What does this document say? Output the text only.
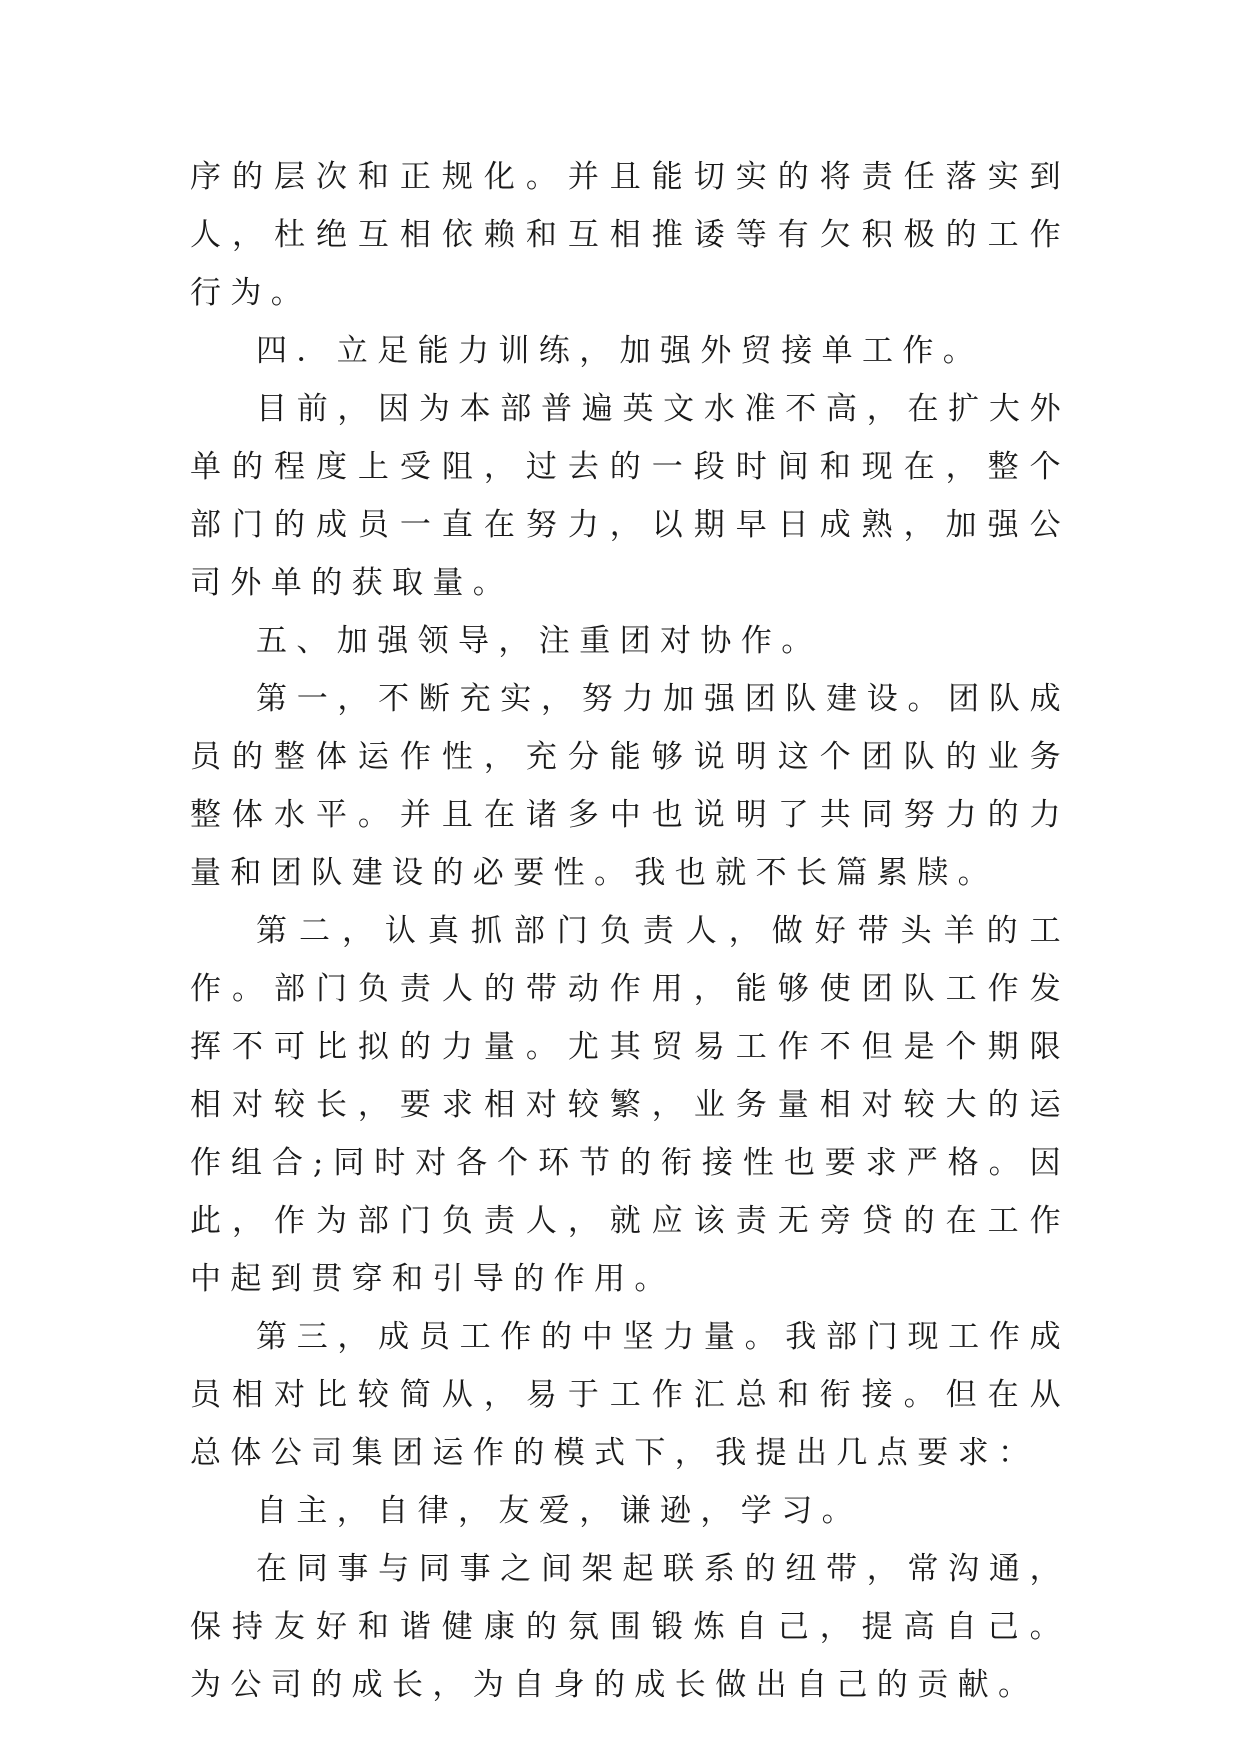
序的层次和正规化。并且能切实的将责任落实到人，杜绝互相依赖和互相推诿等有欠积极的工作行为。

四．立足能力训练，加强外贸接单工作。

目前，因为本部普遍英文水准不高，在扩大外单的程度上受阻，过去的一段时间和现在，整个部门的成员一直在努力，以期早日成熟，加强公司外单的获取量。

五、加强领导，注重团对协作。

第一，不断充实，努力加强团队建设。团队成员的整体运作性，充分能够说明这个团队的业务整体水平。并且在诸多中也说明了共同努力的力量和团队建设的必要性。我也就不长篇累牍。

第二，认真抓部门负责人，做好带头羊的工作。部门负责人的带动作用，能够使团队工作发挥不可比拟的力量。尤其贸易工作不但是个期限相对较长，要求相对较繁，业务量相对较大的运作组合;同时对各个环节的衔接性也要求严格。因此，作为部门负责人，就应该责无旁贷的在工作中起到贯穿和引导的作用。

第三，成员工作的中坚力量。我部门现工作成员相对比较简从，易于工作汇总和衔接。但在从总体公司集团运作的模式下，我提出几点要求：

自主，自律，友爱，谦逊，学习。

在同事与同事之间架起联系的纽带，常沟通，保持友好和谐健康的氛围锻炼自己，提高自己。为公司的成长，为自身的成长做出自己的贡献。
